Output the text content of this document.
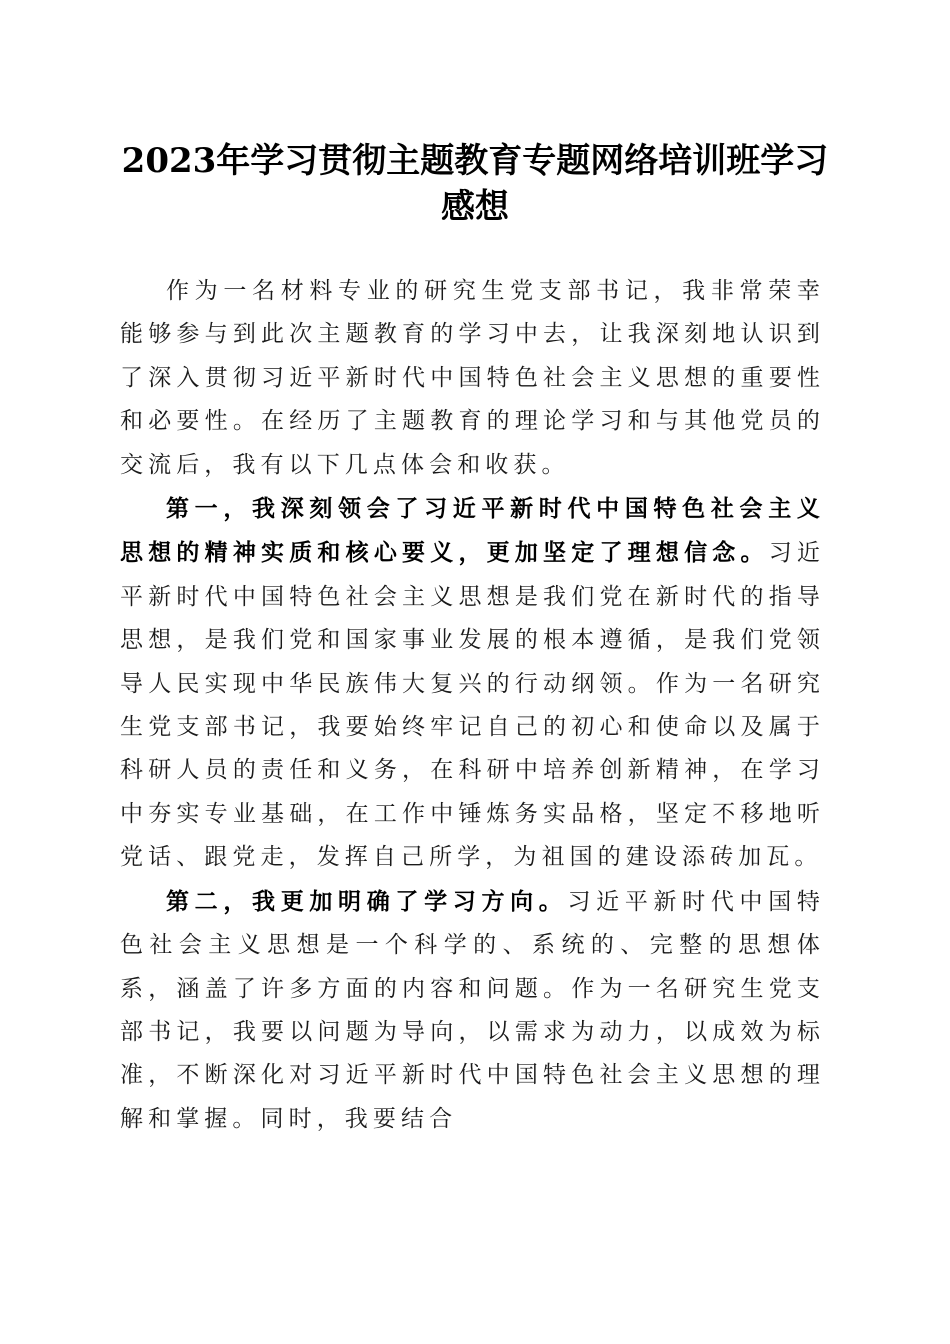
2023年学习贯彻主题教育专题网络培训班学习感想

作为一名材料专业的研究生党支部书记，我非常荣幸能够参与到此次主题教育的学习中去，让我深刻地认识到了深入贯彻习近平新时代中国特色社会主义思想的重要性和必要性。在经历了主题教育的理论学习和与其他党员的交流后，我有以下几点体会和收获。

第一，我深刻领会了习近平新时代中国特色社会主义思想的精神实质和核心要义，更加坚定了理想信念。习近平新时代中国特色社会主义思想是我们党在新时代的指导思想，是我们党和国家事业发展的根本遵循，是我们党领导人民实现中华民族伟大复兴的行动纲领。作为一名研究生党支部书记，我要始终牢记自己的初心和使命以及属于科研人员的责任和义务，在科研中培养创新精神，在学习中夯实专业基础，在工作中锤炼务实品格，坚定不移地听党话、跟党走，发挥自己所学，为祖国的建设添砖加瓦。

第二，我更加明确了学习方向。习近平新时代中国特色社会主义思想是一个科学的、系统的、完整的思想体系，涵盖了许多方面的内容和问题。作为一名研究生党支部书记，我要以问题为导向，以需求为动力，以成效为标准，不断深化对习近平新时代中国特色社会主义思想的理解和掌握。同时，我要结合
